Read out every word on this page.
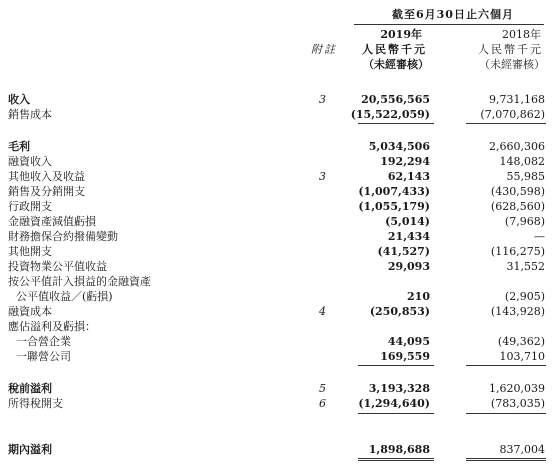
截至6月30日止六個月
附註
2019年	2018年
人民幣千元	人民幣千元
（未經審核）	（未經審核）
收入	3	20,556,565	9,731,168
銷售成本	(15,522,059)	(7,070,862)
毛利	5,034,506	2,660,306
融資收入	192,294	148,082
其他收入及收益	3	62,143	55,985
銷售及分銷開支	(1,007,433)	(430,598)
行政開支	(1,055,179)	(628,560)
金融資產減值虧損	(5,014)	(7,968)
財務擔保合約撥備變動	21,434	—
其他開支	(41,527)	(116,275)
投資物業公平值收益	29,093	31,552
按公平值計入損益的金融資產
公平值收益／(虧損)	210	(2,905)
融資成本	4	(250,853)	(143,928)
應佔溢利及虧損：
一合營企業	44,095	(49,362)
一聯營公司	169,559	103,710
稅前溢利	5	3,193,328	1,620,039
所得稅開支	6	(1,294,640)	(783,035)
期內溢利	1,898,688	837,004
